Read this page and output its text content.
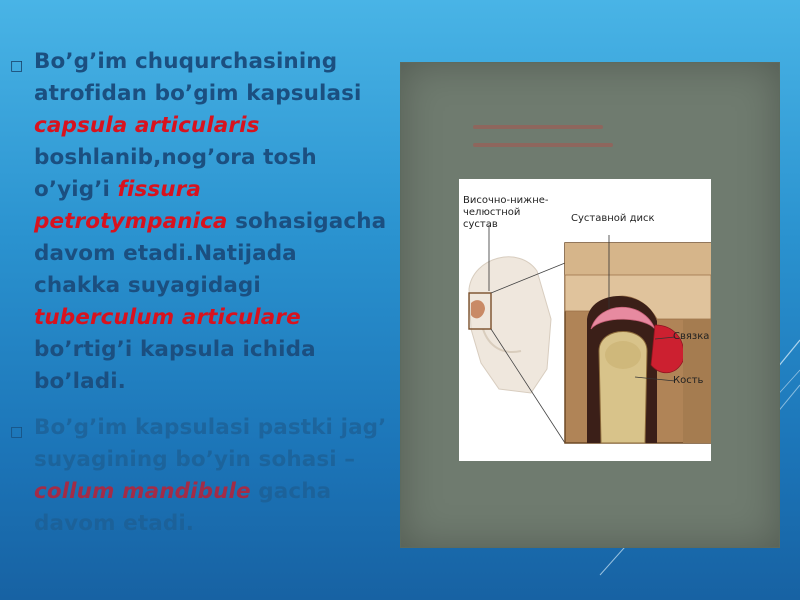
□ Bo’g’im chuqurchasining atrofidan bo’gim kapsulasi capsula articularis boshlanib,nog’ora tosh o’yig’i fissura petrotympanica sohasigacha davom etadi.Natijada chakka suyagidagi tuberculum articulare bo’rtig’i kapsula ichida bo’ladi.
□ Bo’g’im kapsulasi pastki jag’ suyagining bo’yin sohasi – collum mandibule gacha davom etadi.
Височно-нижне-челюстной сустав
Суставной диск
Связка
Кость
